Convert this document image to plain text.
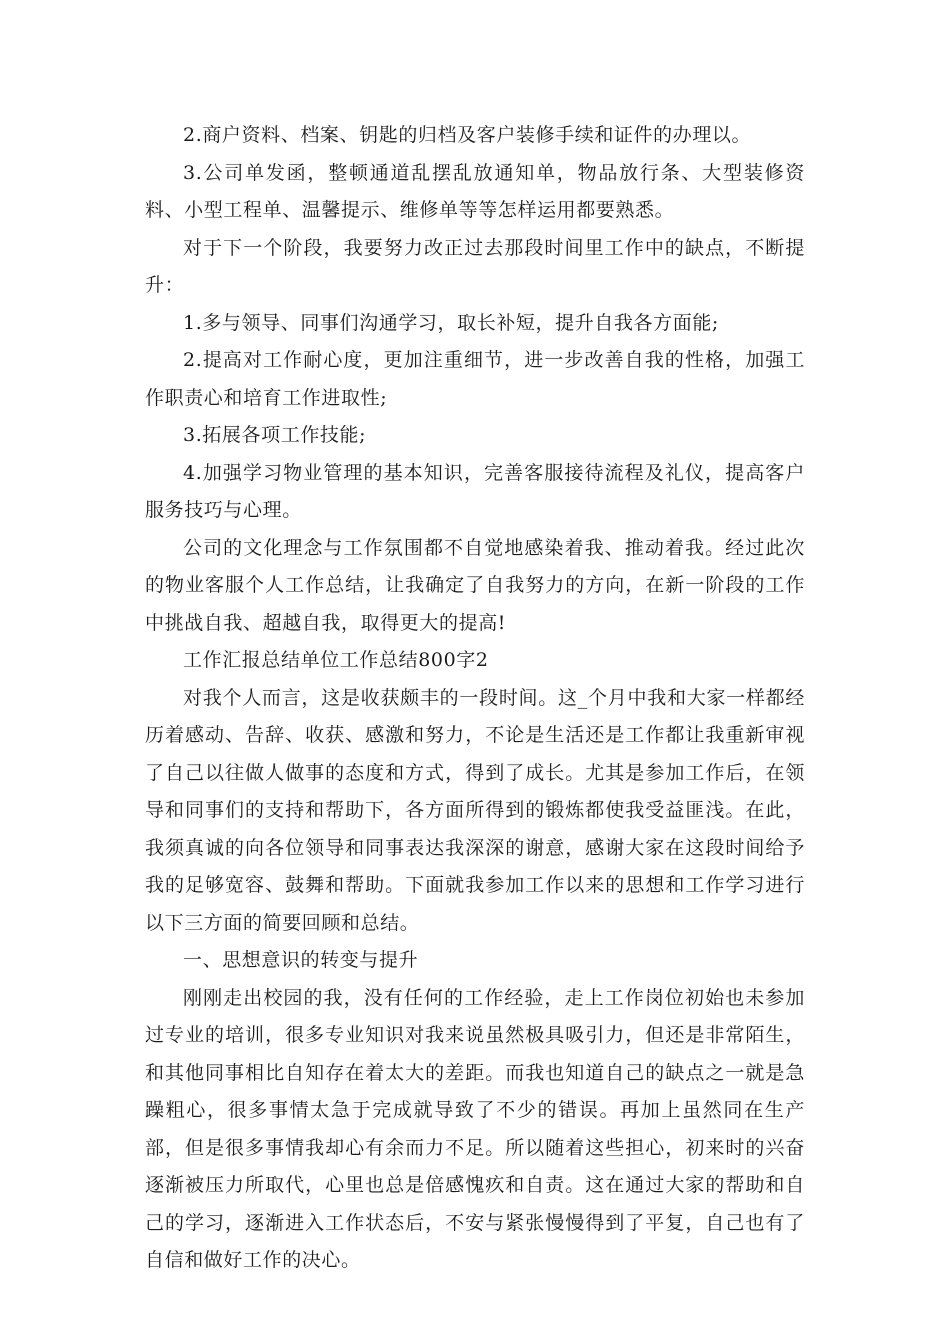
2.商户资料、档案、钥匙的归档及客户装修手续和证件的办理以。

3.公司单发函，整顿通道乱摆乱放通知单，物品放行条、大型装修资料、小型工程单、温馨提示、维修单等等怎样运用都要熟悉。

对于下一个阶段，我要努力改正过去那段时间里工作中的缺点，不断提升：

1.多与领导、同事们沟通学习，取长补短，提升自我各方面能;

2.提高对工作耐心度，更加注重细节，进一步改善自我的性格，加强工作职责心和培育工作进取性;

3.拓展各项工作技能;

4.加强学习物业管理的基本知识，完善客服接待流程及礼仪，提高客户服务技巧与心理。

公司的文化理念与工作氛围都不自觉地感染着我、推动着我。经过此次的物业客服个人工作总结，让我确定了自我努力的方向，在新一阶段的工作中挑战自我、超越自我，取得更大的提高!

工作汇报总结单位工作总结800字2

对我个人而言，这是收获颇丰的一段时间。这_个月中我和大家一样都经历着感动、告辞、收获、感激和努力，不论是生活还是工作都让我重新审视了自己以往做人做事的态度和方式，得到了成长。尤其是参加工作后，在领导和同事们的支持和帮助下，各方面所得到的锻炼都使我受益匪浅。在此，我须真诚的向各位领导和同事表达我深深的谢意，感谢大家在这段时间给予我的足够宽容、鼓舞和帮助。下面就我参加工作以来的思想和工作学习进行以下三方面的简要回顾和总结。

一、思想意识的转变与提升

刚刚走出校园的我，没有任何的工作经验，走上工作岗位初始也未参加过专业的培训，很多专业知识对我来说虽然极具吸引力，但还是非常陌生，和其他同事相比自知存在着太大的差距。而我也知道自己的缺点之一就是急躁粗心，很多事情太急于完成就导致了不少的错误。再加上虽然同在生产部，但是很多事情我却心有余而力不足。所以随着这些担心，初来时的兴奋逐渐被压力所取代，心里也总是倍感愧疚和自责。这在通过大家的帮助和自己的学习，逐渐进入工作状态后，不安与紧张慢慢得到了平复，自己也有了自信和做好工作的决心。
